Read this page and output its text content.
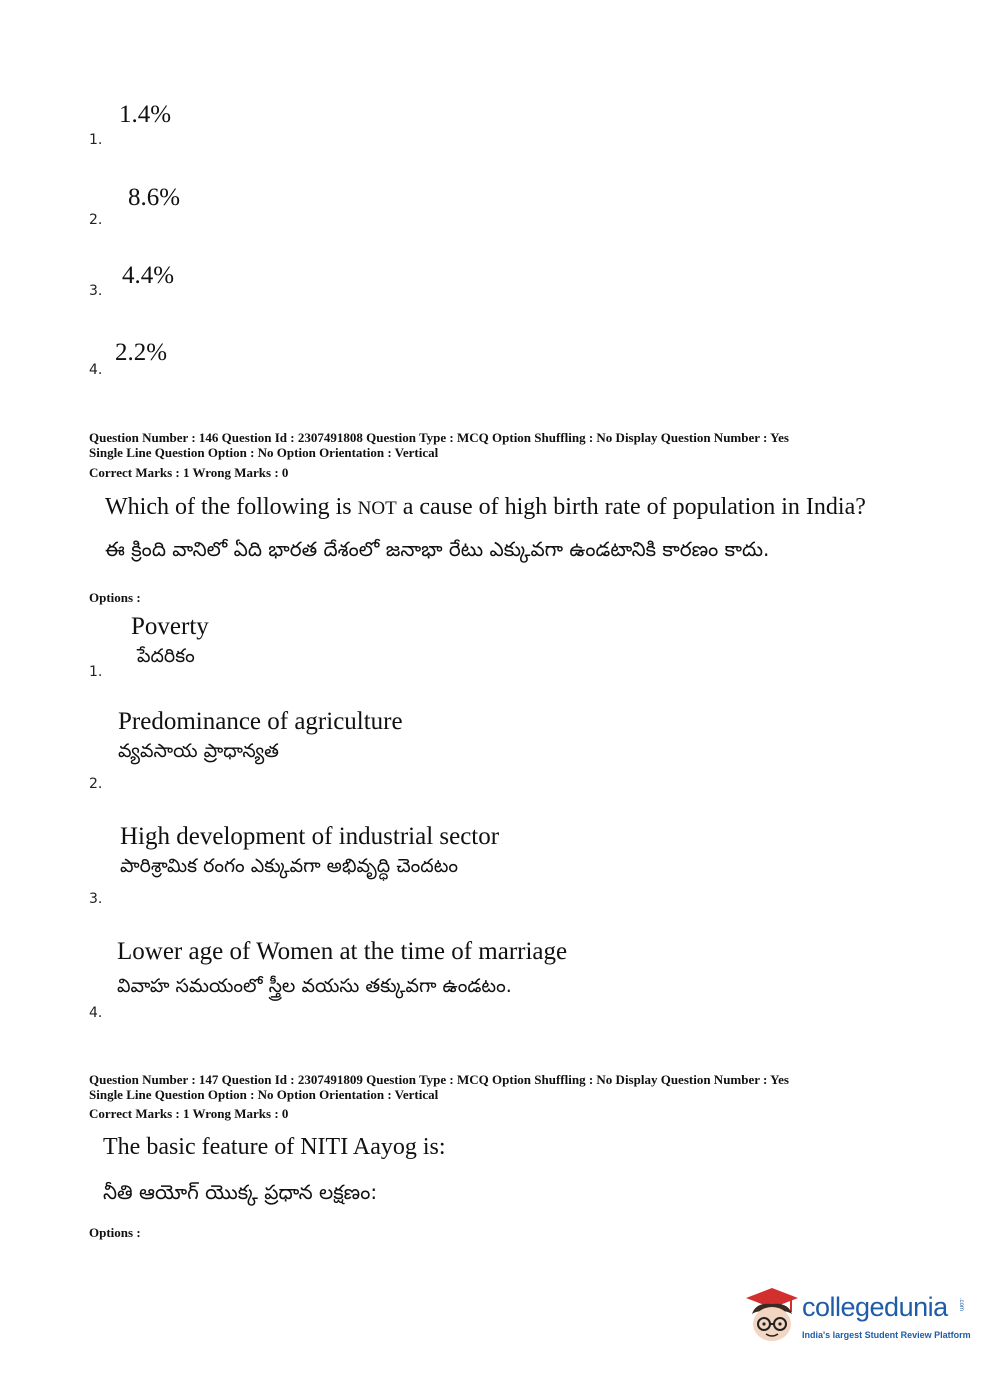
1.4%
1.
8.6%
2.
4.4%
3.
2.2%
4.
Question Number : 146 Question Id : 2307491808 Question Type : MCQ Option Shuffling : No Display Question Number : Yes
Single Line Question Option : No Option Orientation : Vertical
Correct Marks : 1 Wrong Marks : 0
Which of the following is NOT a cause of high birth rate of population in India?
ఈ క్రింది వానిలో ఏది భారత దేశంలో జనాభా రేటు ఎక్కువగా ఉండటానికి కారణం కాదు.
Options :
Poverty
పేదరికం
1.
Predominance of agriculture
వ్యవసాయ ప్రాధాన్యత
2.
High development of industrial sector
పారిశ్రామిక రంగం ఎక్కువగా అభివృద్ధి చెందటం
3.
Lower age of Women at the time of marriage
వివాహ సమయంలో స్త్రీల వయసు తక్కువగా ఉండటం.
4.
Question Number : 147 Question Id : 2307491809 Question Type : MCQ Option Shuffling : No Display Question Number : Yes
Single Line Question Option : No Option Orientation : Vertical
Correct Marks : 1 Wrong Marks : 0
The basic feature of NITI Aayog is:
నీతి ఆయోగ్ యొక్క ప్రధాన లక్షణం:
Options :
collegedunia .com
India's largest Student Review Platform
